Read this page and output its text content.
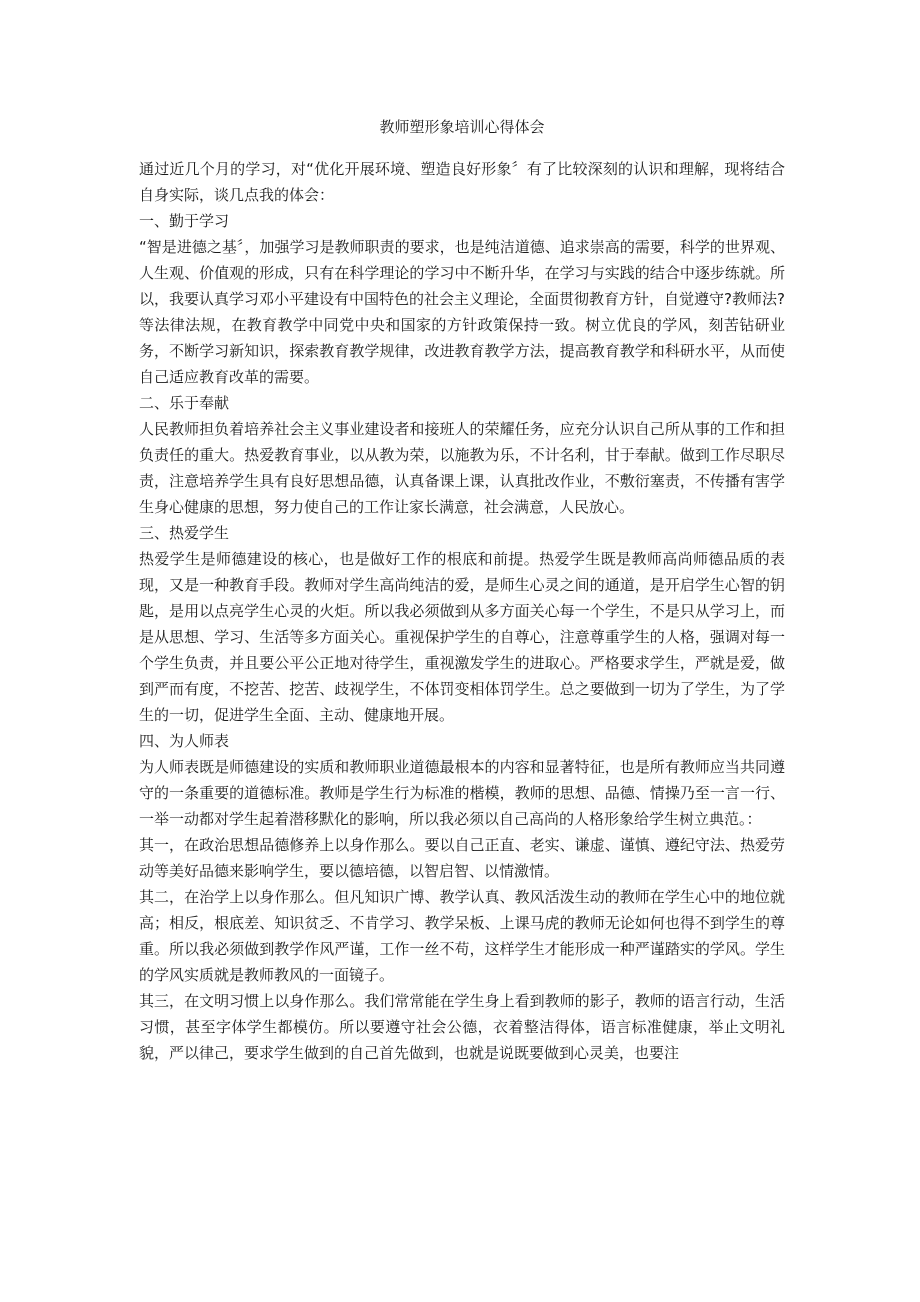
教师塑形象培训心得体会

通过近几个月的学习，对“优化开展环境、塑造良好形象〞有了比较深刻的认识和理解，现将结合自身实际，谈几点我的体会：

一、勤于学习

“智是进德之基〞，加强学习是教师职责的要求，也是纯洁道德、追求崇高的需要，科学的世界观、人生观、价值观的形成，只有在科学理论的学习中不断升华，在学习与实践的结合中逐步练就。所以，我要认真学习邓小平建设有中国特色的社会主义理论，全面贯彻教育方针，自觉遵守?教师法?等法律法规，在教育教学中同党中央和国家的方针政策保持一致。树立优良的学风，刻苦钻研业务，不断学习新知识，探索教育教学规律，改进教育教学方法，提高教育教学和科研水平，从而使自己适应教育改革的需要。

二、乐于奉献

人民教师担负着培养社会主义事业建设者和接班人的荣耀任务，应充分认识自己所从事的工作和担负责任的重大。热爱教育事业，以从教为荣，以施教为乐，不计名利，甘于奉献。做到工作尽职尽责，注意培养学生具有良好思想品德，认真备课上课，认真批改作业，不敷衍塞责，不传播有害学生身心健康的思想，努力使自己的工作让家长满意，社会满意，人民放心。

三、热爱学生

热爱学生是师德建设的核心，也是做好工作的根底和前提。热爱学生既是教师高尚师德品质的表现，又是一种教育手段。教师对学生高尚纯洁的爱，是师生心灵之间的通道，是开启学生心智的钥匙，是用以点亮学生心灵的火炬。所以我必须做到从多方面关心每一个学生，不是只从学习上，而是从思想、学习、生活等多方面关心。重视保护学生的自尊心，注意尊重学生的人格，强调对每一个学生负责，并且要公平公正地对待学生，重视激发学生的进取心。严格要求学生，严就是爱，做到严而有度，不挖苦、挖苦、歧视学生，不体罚变相体罚学生。总之要做到一切为了学生，为了学生的一切，促进学生全面、主动、健康地开展。

四、为人师表

为人师表既是师德建设的实质和教师职业道德最根本的内容和显著特征，也是所有教师应当共同遵守的一条重要的道德标准。教师是学生行为标准的楷模，教师的思想、品德、情操乃至一言一行、一举一动都对学生起着潜移默化的影响，所以我必须以自己高尚的人格形象给学生树立典范。：

其一，在政治思想品德修养上以身作那么。要以自己正直、老实、谦虚、谨慎、遵纪守法、热爱劳动等美好品德来影响学生，要以德培德，以智启智、以情激情。

其二，在治学上以身作那么。但凡知识广博、教学认真、教风活泼生动的教师在学生心中的地位就高；相反，根底差、知识贫乏、不肯学习、教学呆板、上课马虎的教师无论如何也得不到学生的尊重。所以我必须做到教学作风严谨，工作一丝不苟，这样学生才能形成一种严谨踏实的学风。学生的学风实质就是教师教风的一面镜子。

其三，在文明习惯上以身作那么。我们常常能在学生身上看到教师的影子，教师的语言行动，生活习惯，甚至字体学生都模仿。所以要遵守社会公德，衣着整洁得体，语言标准健康，举止文明礼貌，严以律己，要求学生做到的自己首先做到，也就是说既要做到心灵美，也要注
